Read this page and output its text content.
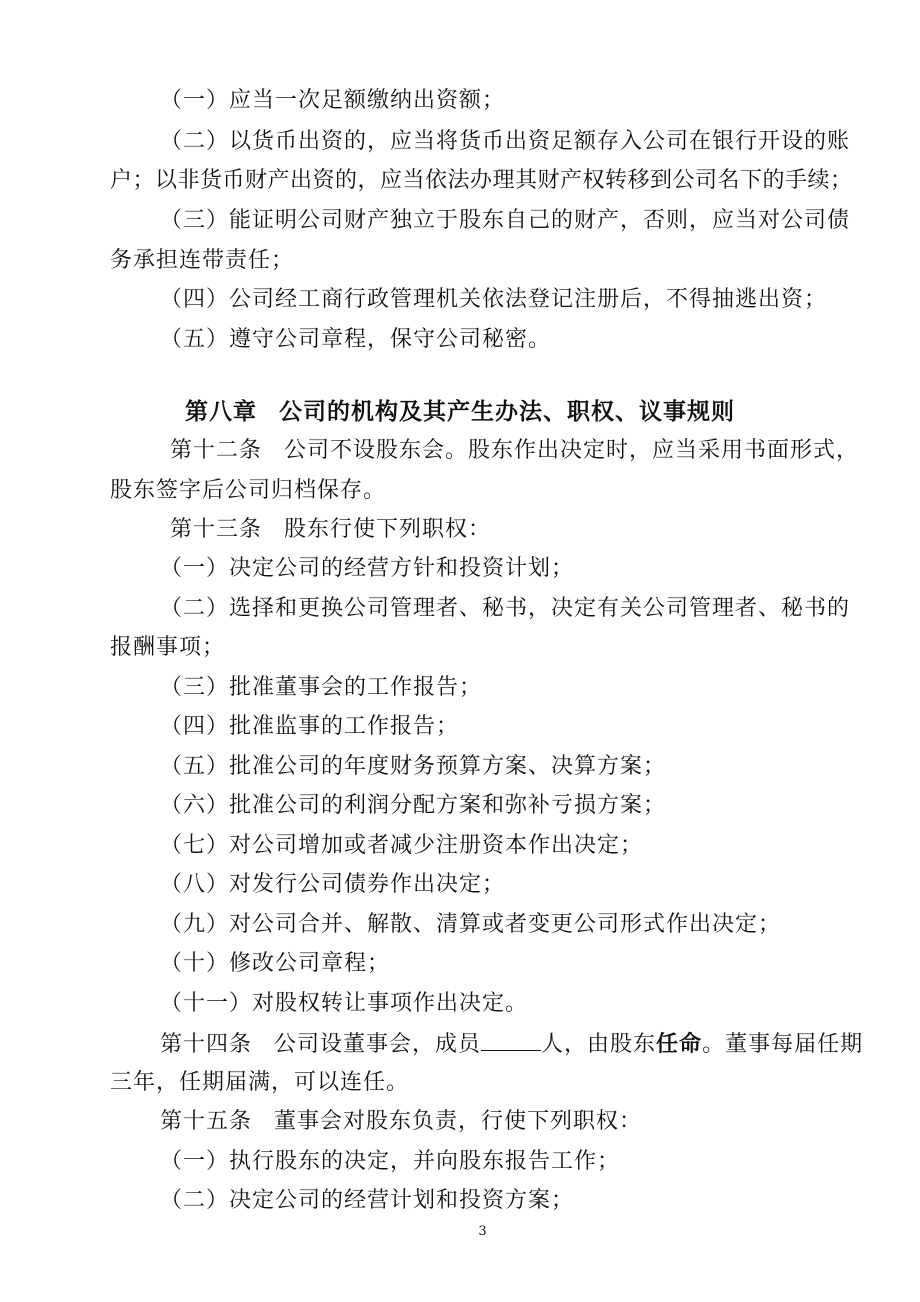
（一）应当一次足额缴纳出资额；
（二）以货币出资的，应当将货币出资足额存入公司在银行开设的账
户；以非货币财产出资的，应当依法办理其财产权转移到公司名下的手续；
（三）能证明公司财产独立于股东自己的财产，否则，应当对公司债
务承担连带责任；
（四）公司经工商行政管理机关依法登记注册后，不得抽逃出资；
（五）遵守公司章程，保守公司秘密。
第八章 公司的机构及其产生办法、职权、议事规则
第十二条 公司不设股东会。股东作出决定时，应当采用书面形式，
股东签字后公司归档保存。
第十三条 股东行使下列职权：
（一）决定公司的经营方针和投资计划；
（二）选择和更换公司管理者、秘书，决定有关公司管理者、秘书的
报酬事项；
（三）批准董事会的工作报告；
（四）批准监事的工作报告；
（五）批准公司的年度财务预算方案、决算方案；
（六）批准公司的利润分配方案和弥补亏损方案；
（七）对公司增加或者减少注册资本作出决定；
（八）对发行公司债券作出决定；
（九）对公司合并、解散、清算或者变更公司形式作出决定；
（十）修改公司章程；
（十一）对股权转让事项作出决定。
第十四条 公司设董事会，成员	人，由股东任命。董事每届任期
三年，任期届满，可以连任。
第十五条 董事会对股东负责，行使下列职权：
（一）执行股东的决定，并向股东报告工作；
（二）决定公司的经营计划和投资方案；
3
